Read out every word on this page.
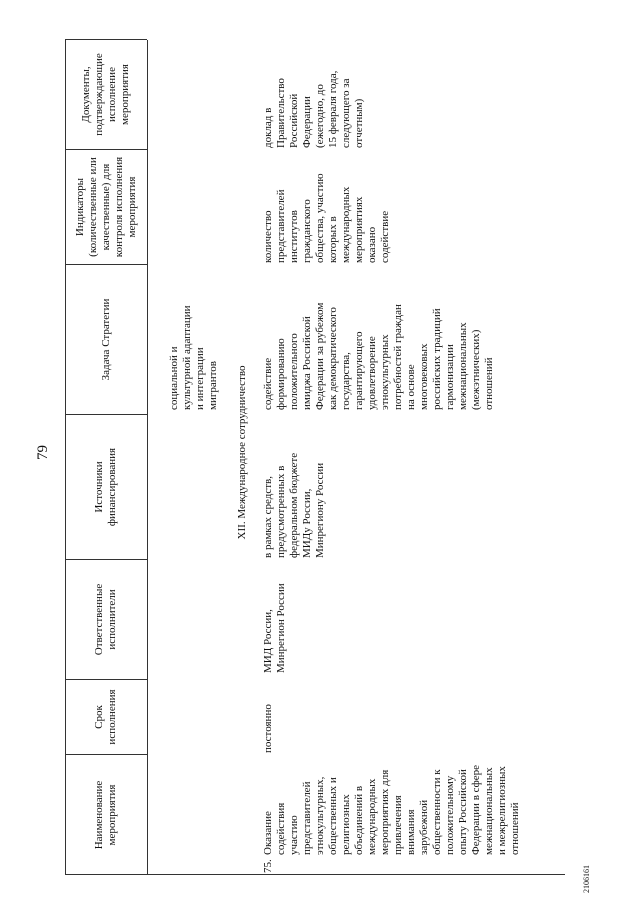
79
Наименование мероприятия
Срок исполнения
Ответственные исполнители
Источники финансирования
Задача Стратегии
Индикаторы (количественные или качественные) для контроля исполнения мероприятия
Документы, подтверждающие исполнение мероприятия
социальной и
культурной адаптации
и интеграции
мигрантов XII. Международное сотрудничество
75.
Оказание
содействия
участию
представителей
этнокультурных,
общественных и
религиозных
объединений в
международных
мероприятиях для
привлечения
внимания
зарубежной
общественности к
положительному
опыту Российской
Федерации в сфере
межнациональных
и межрелигиозных
отношений
постоянно
МИД России,
Минрегион России
в рамках средств,
предусмотренных в
федеральном бюджете
МИДу России,
Минрегиону России
содействие
формированию
положительного
имиджа Российской
Федерации за рубежом
как демократического
государства,
гарантирующего
удовлетворение
этнокультурных
потребностей граждан
на основе
многовековых
российских традиций
гармонизации
межнациональных
(межэтнических)
отношений
количество
представителей
институтов
гражданского
общества, участию
которых в
международных
мероприятиях
оказано
содействие
доклад в
Правительство
Российской
Федерации
(ежегодно, до
15 февраля года,
следующего за
отчетным)
2106161
